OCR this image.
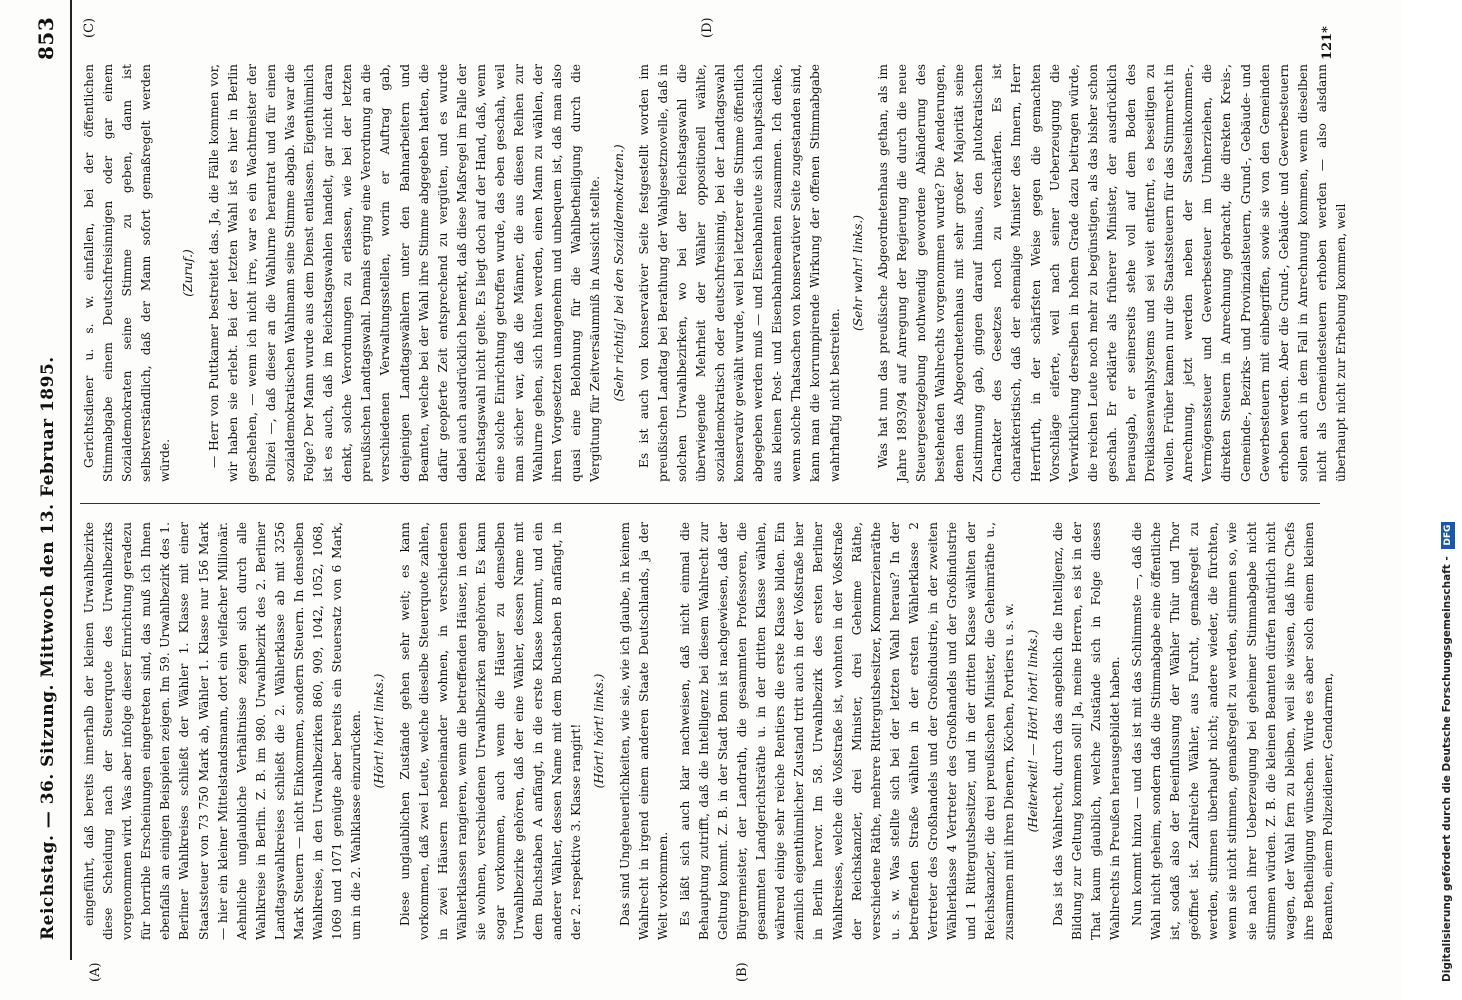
Reichstag. — 36. Sitzung. Mittwoch den 13. Februar 1895.
853
(A)	(B)
(C)	(D)

eingeführt, daß bereits innerhalb der kleinen Urwahlbezirke diese Scheidung nach der Steuerquote des Urwahlbezirks vorgenommen wird. Was aber infolge dieser Einrichtung geradezu für horrible Erscheinungen eingetreten sind, das muß ich Ihnen ebenfalls an einigen Beispielen zeigen. Im 59. Urwahlbezirk des 1. Berliner Wahlkreises schließt der Wähler 1. Klasse mit einer Staatssteuer von 73 750 Mark ab, Wähler 1. Klasse nur 156 Mark — hier ein kleiner Mittelstandsmann, dort ein vielfacher Millionär. Aehnliche unglaubliche Verhältnisse zeigen sich durch alle Wahlkreise in Berlin. Z. B. im 980. Urwahlbezirk des 2. Berliner Landtagswahlkreises schließt die 2. Wählerklasse ab mit 3256 Mark Steuern — nicht Einkommen, sondern Steuern. In denselben Wahlkreise, in den Urwahlbezirken 860, 909, 1042, 1052, 1068, 1069 und 1071 genügte aber bereits ein Steuersatz von 6 Mark, um in die 2. Wahlklasse einzurücken. (Hört! hört! links.) Diese unglaublichen Zustände gehen sehr weit; es kann vorkommen, daß zwei Leute, welche dieselbe Steuerquote zahlen, in zwei Häusern nebeneinander wohnen, in verschiedenen Wählerklassen rangieren, wenn die betreffenden Häuser, in denen sie wohnen, verschiedenen Urwahlbezirken angehören. Es kann sogar vorkommen, auch wenn die Häuser zu demselben Urwahlbezirke gehören, daß der eine Wähler, dessen Name mit dem Buchstaben A anfängt, in die erste Klasse kommt, und ein anderer Wähler, dessen Name mit dem Buchstaben B anfängt, in der 2. respektive 3. Klasse rangirt! (Hört! hört! links.) Das sind Ungeheuerlichkeiten, wie sie, wie ich glaube, in keinem Wahlrecht in irgend einem anderen Staate Deutschlands, ja der Welt vorkommen. Es läßt sich auch klar nachweisen, daß nicht einmal die Behauptung zutrifft, daß die Intelligenz bei diesem Wahlrecht zur Geltung kommt. Z. B. in der Stadt Bonn ist nachgewiesen, daß der Bürgermeister, der Landrath, die gesammten Professoren, die gesammten Landgerichtsräthe u. in der dritten Klasse wählen, während einige sehr reiche Rentiers die erste Klasse bilden. Ein ziemlich eigenthümlicher Zustand tritt auch in der Voßstraße hier in Berlin hervor. Im 58. Urwahlbezirk des ersten Berliner Wahlkreises, welche die Voßstraße ist, wohnten in der Voßstraße der Reichskanzler, drei Minister, drei Geheime Räthe, verschiedene Räthe, mehrere Rittergutsbesitzer, Kommerzienräthe u. s. w. Was stellte sich bei der letzten Wahl heraus? In der betreffenden Straße wählten in der ersten Wählerklasse 2 Vertreter des Großhandels und der Großindustrie, in der zweiten Wählerklasse 4 Vertreter des Großhandels und der Großindustrie und 1 Rittergutsbesitzer, und in der dritten Klasse wählten der Reichskanzler, die drei preußischen Minister, die Geheimräthe u., zusammen mit ihren Dienern, Köchen, Portiers u. s. w. (Heiterkeit! — Hört! hört! links.) Das ist das Wahlrecht, durch das angeblich die Intelligenz, die Bildung zur Geltung kommen soll! Ja, meine Herren, es ist in der That kaum glaublich, welche Zustände sich in Folge dieses Wahlrechts in Preußen herausgebildet haben. Nun kommt hinzu — und das ist mit das Schlimmste —, daß die Wahl nicht geheim, sondern daß die Stimmabgabe eine öffentliche ist, sodaß also der Beeinflussung der Wähler Thür und Thor geöffnet ist. Zahlreiche Wähler, aus Furcht, gemaßregelt zu werden, stimmen überhaupt nicht; andere wieder, die fürchten, wenn sie nicht stimmen, gemaßregelt zu werden, stimmen so, wie sie nach ihrer Ueberzeugung bei geheimer Stimmabgabe nicht stimmen würden. Z. B. die kleinen Beamten dürfen natürlich nicht wagen, der Wahl fern zu bleiben, weil sie wissen, daß ihre Chefs ihre Betheiligung wünschen. Würde es aber solch einem kleinen Beamten, einem Polizeidiener, Gendarmen,

Gerichtsdiener u. s. w. einfallen, bei der öffentlichen Stimmabgabe einem Deutschfreisinnigen oder gar einem Sozialdemokraten seine Stimme zu geben, dann ist selbstverständlich, daß der Mann sofort gemaßregelt werden würde.

(Zuruf.) — Herr von Puttkamer bestreitet das. Ja, die Fälle kommen vor, wir haben sie erlebt. Bei der letzten Wahl ist es hier in Berlin geschehen, — wenn ich nicht irre, war es ein Wachtmeister der Polizei —, daß dieser an die Wahlurne herantrat und für einen sozialdemokratischen Wahlmann seine Stimme abgab. Was war die Folge? Der Mann wurde aus dem Dienst entlassen. Eigenthümlich ist es auch, daß im Reichstagswahlen handelt, gar nicht daran denkt, solche Verordnungen zu erlassen, wie bei der letzten preußischen Landtagswahl. Damals erging eine Verordnung an die verschiedenen Verwaltungsstellen, worin er Auftrag gab, denjenigen Landtagswählern unter den Bahnarbeitern und Beamten, welche bei der Wahl ihre Stimme abgegeben hatten, die dafür geopferte Zeit entsprechend zu vergüten, und es wurde dabei auch ausdrücklich bemerkt, daß diese Maßregel im Falle der Reichstagswahl nicht gelte. Es liegt doch auf der Hand, daß, wenn eine solche Einrichtung getroffen wurde, das eben geschah, weil man sicher war, daß die Männer, die aus diesen Reihen zur Wahlurne gehen, sich hüten werden, einen Mann zu wählen, der ihren Vorgesetzten unangenehm und unbequem ist, daß man also quasi eine Belohnung für die Wahlbetheiligung durch die Vergütung für Zeitversäumniß in Aussicht stellte. (Sehr richtig! bei den Sozialdemokraten.) Es ist auch von konservativer Seite festgestellt worden im preußischen Landtag bei Berathung der Wahlgesetznovelle, daß in solchen Urwahlbezirken, wo bei der Reichstagswahl die überwiegende Mehrheit der Wähler oppositionell wählte, sozialdemokratisch oder deutschfreisinnig, bei der Landtagswahl konservativ gewählt wurde, weil bei letzterer die Stimme öffentlich abgegeben werden muß — und Eisenbahnleute sich hauptsächlich aus kleinen Post- und Eisenbahnbeamten zusammen. Ich denke, wenn solche Thatsachen von konservativer Seite zugestanden sind, kann man die korrumpirende Wirkung der offenen Stimmabgabe wahrhaftig nicht bestreiten.

(Sehr wahr! links.) Was hat nun das preußische Abgeordnetenhaus gethan, als im Jahre 1893/94 auf Anregung der Regierung die durch die neue Steuergesetzgebung nothwendig gewordene Abänderung des bestehenden Wahlrechts vorgenommen wurde? Die Aenderungen, denen das Abgeordnetenhaus mit sehr großer Majorität seine Zustimmung gab, gingen darauf hinaus, den plutokratischen Charakter des Gesetzes noch zu verschärfen. Es ist charakteristisch, daß der ehemalige Minister des Innern, Herr Herrfurth, in der schärfsten Weise gegen die gemachten Vorschläge eiferte, weil nach seiner Ueberzeugung die Verwirklichung derselben in hohem Grade dazu beitragen würde, die reichen Leute noch mehr zu begünstigen, als das bisher schon geschah. Er erklärte als früherer Minister, der ausdrücklich herausgab, er seinerseits stehe voll auf dem Boden des Dreiklassenwahlsystems und sei weit entfernt, es beseitigen zu wollen. Früher kamen nur die Staatssteuern für das Stimmrecht in Anrechnung, jetzt werden neben der Staatseinkommen-, Vermögenssteuer und Gewerbesteuer im Umherziehen, die direkten Steuern in Anrechnung gebracht, die direkten Kreis-, Gemeinde-, Bezirks- und Provinzialsteuern, Grund-, Gebäude- und Gewerbesteuern mit einbegriffen, sowie sie von den Gemeinden erhoben werden. Aber die Grund-, Gebäude- und Gewerbesteuern sollen auch in dem Fall in Anrechnung kommen, wenn dieselben nicht als Gemeindesteuern erhoben werden — also alsdann überhaupt nicht zur Erhebung kommen, weil

121*
Digitalisierung gefördert durch die Deutsche Forschungsgemeinschaft - DFG
